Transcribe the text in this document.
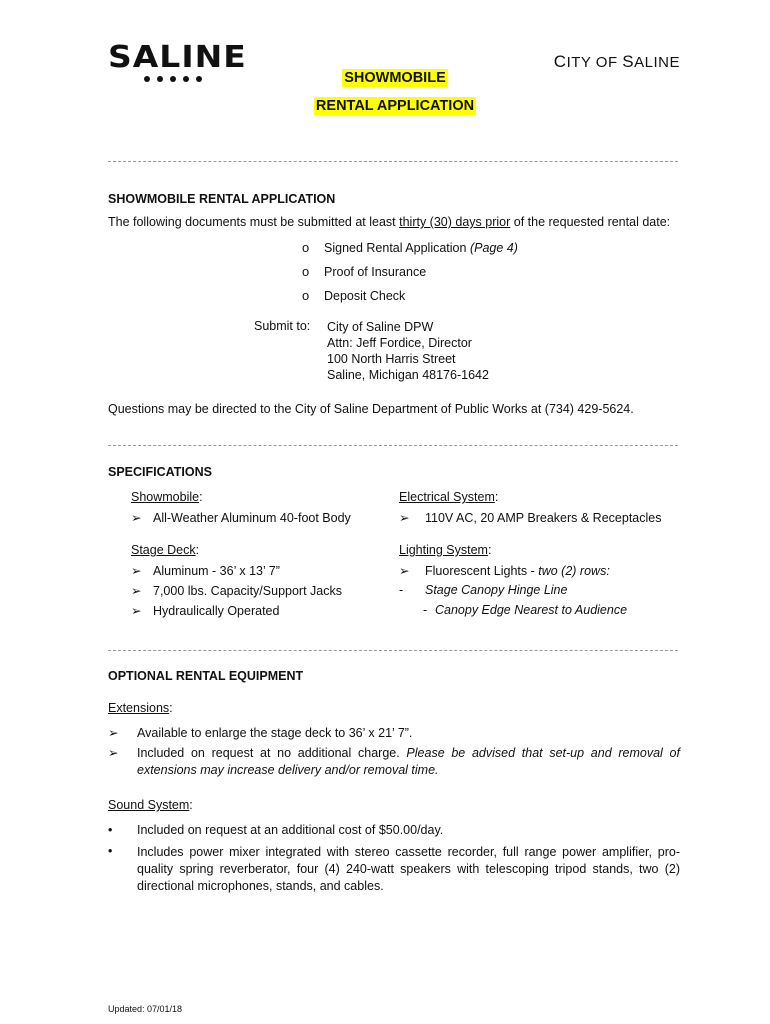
SALINE	CITY OF SALINE
SHOWMOBILE
RENTAL APPLICATION
SHOWMOBILE RENTAL APPLICATION
The following documents must be submitted at least thirty (30) days prior of the requested rental date:
o Signed Rental Application (Page 4)
o Proof of Insurance
o Deposit Check
Submit to: City of Saline DPW
Attn: Jeff Fordice, Director
100 North Harris Street
Saline, Michigan 48176-1642
Questions may be directed to the City of Saline Department of Public Works at (734) 429-5624.
SPECIFICATIONS
Showmobile:
➢ All-Weather Aluminum 40-foot Body
Stage Deck:
➢ Aluminum - 36’ x 13’ 7”
➢ 7,000 lbs. Capacity/Support Jacks
➢ Hydraulically Operated
Electrical System:
➢ 110V AC, 20 AMP Breakers & Receptacles
Lighting System:
➢ Fluorescent Lights - two (2) rows:
- Stage Canopy Hinge Line
- Canopy Edge Nearest to Audience
OPTIONAL RENTAL EQUIPMENT
Extensions:
➢ Available to enlarge the stage deck to 36’ x 21’ 7”.
➢ Included on request at no additional charge. Please be advised that set-up and removal of extensions may increase delivery and/or removal time.
Sound System:
• Included on request at an additional cost of $50.00/day.
• Includes power mixer integrated with stereo cassette recorder, full range power amplifier, pro-quality spring reverberator, four (4) 240-watt speakers with telescoping tripod stands, two (2) directional microphones, stands, and cables.
Updated: 07/01/18
